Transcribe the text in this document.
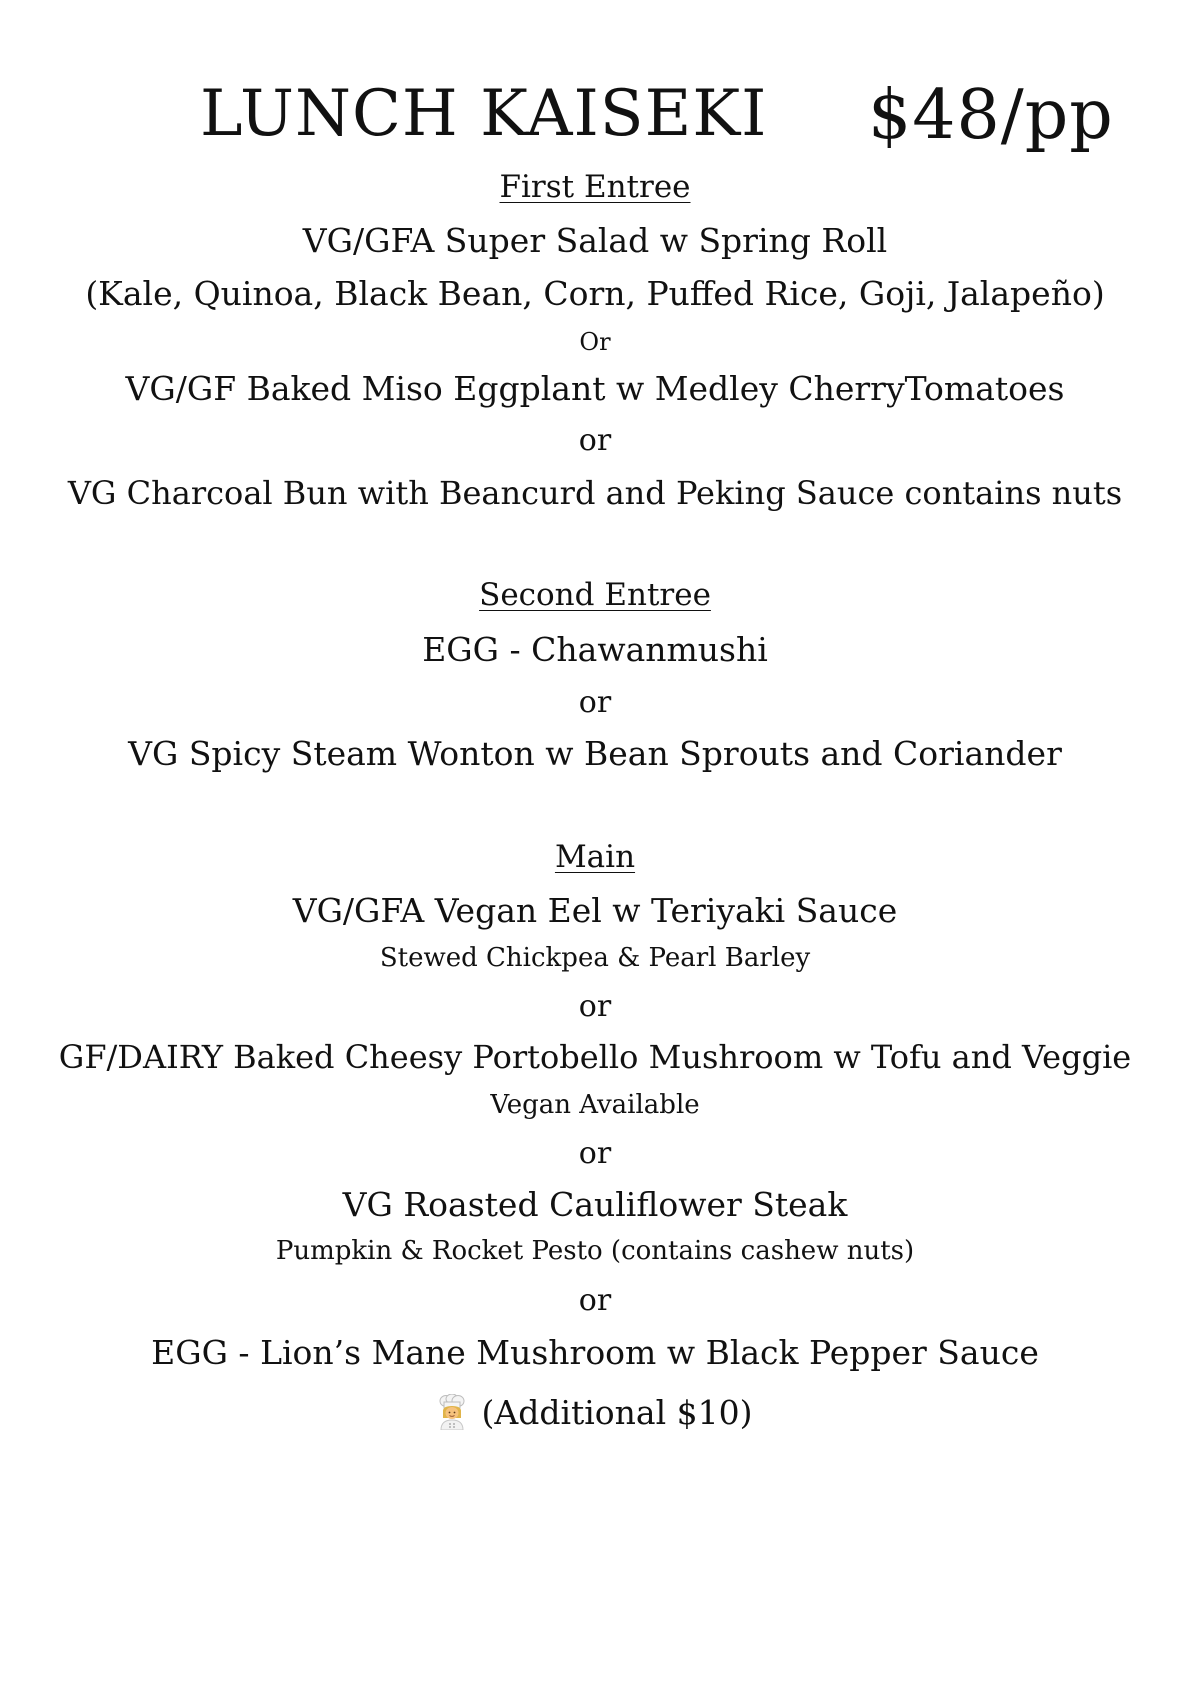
LUNCH KAISEKI $48/pp
First Entree
VG/GFA Super Salad w Spring Roll
(Kale, Quinoa, Black Bean, Corn, Puffed Rice, Goji, Jalapeño)
Or
VG/GF Baked Miso Eggplant w Medley CherryTomatoes
or
VG Charcoal Bun with Beancurd and Peking Sauce contains nuts
Second Entree
EGG - Chawanmushi
or
VG Spicy Steam Wonton w Bean Sprouts and Coriander
Main
VG/GFA Vegan Eel w Teriyaki Sauce
Stewed Chickpea & Pearl Barley
or
GF/DAIRY Baked Cheesy Portobello Mushroom w Tofu and Veggie
Vegan Available
or
VG Roasted Cauliflower Steak
Pumpkin & Rocket Pesto (contains cashew nuts)
or
EGG - Lion’s Mane Mushroom w Black Pepper Sauce
(Additional $10)
